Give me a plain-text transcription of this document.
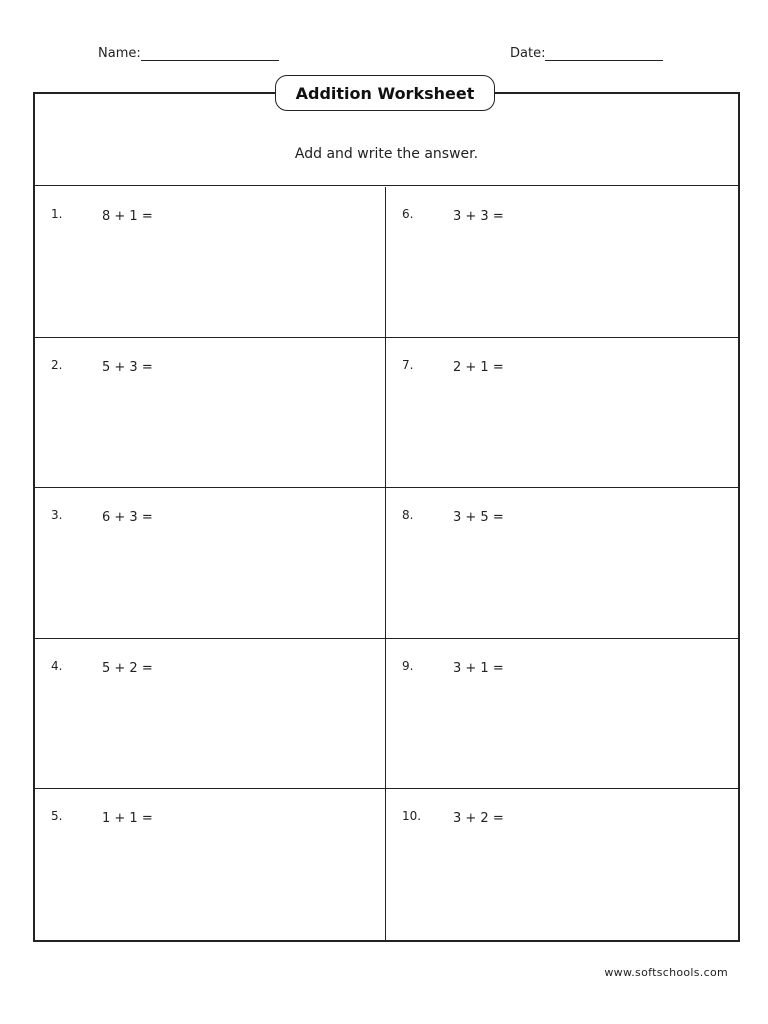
Name:	Date:
Addition Worksheet
Add and write the answer.
1.	8 + 1 =	6.	3 + 3 =
2.	5 + 3 =	7.	2 + 1 =
3.	6 + 3 =	8.	3 + 5 =
4.	5 + 2 =	9.	3 + 1 =
5.	1 + 1 =	10. 3 + 2 =
www.softschools.com
